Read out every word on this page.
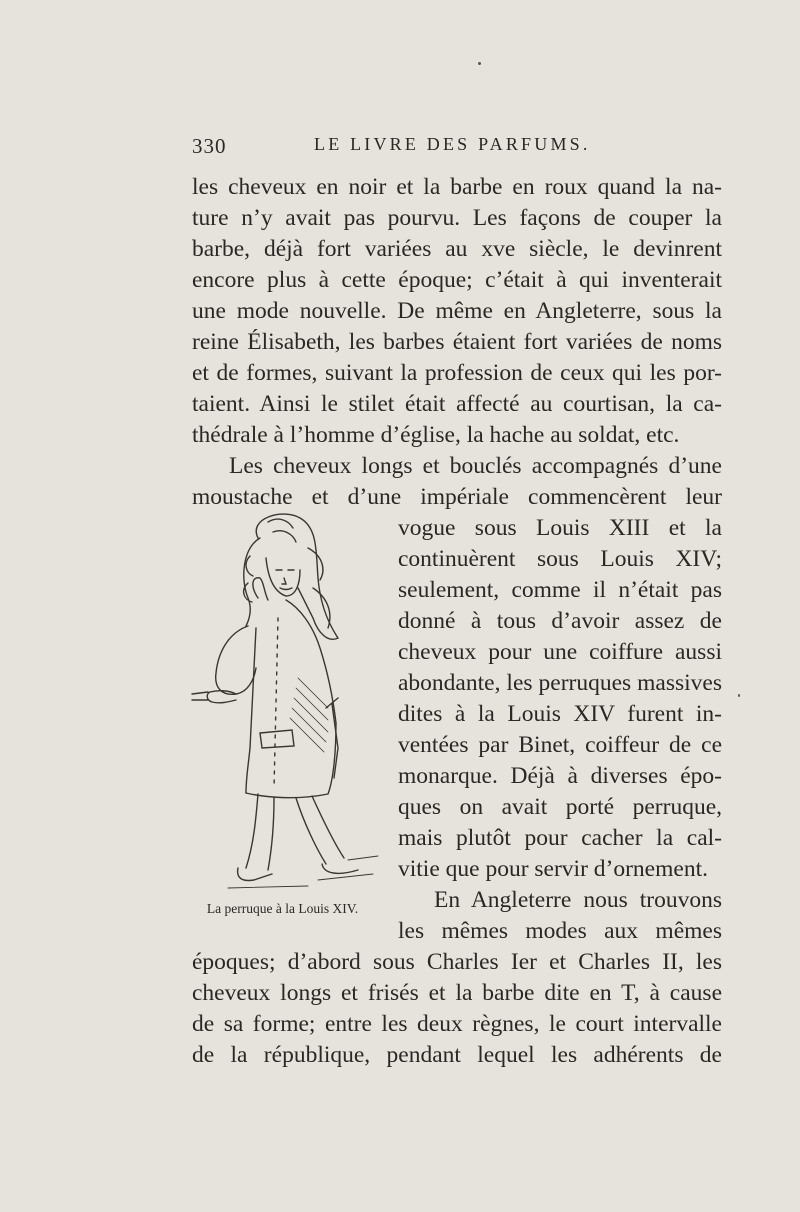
330	LE LIVRE DES PARFUMS.
les cheveux en noir et la barbe en roux quand la na-
ture n’y avait pas pourvu. Les façons de couper la
barbe, déjà fort variées au xve siècle, le devinrent
encore plus à cette époque; c’était à qui inventerait
une mode nouvelle. De même en Angleterre, sous la
reine Élisabeth, les barbes étaient fort variées de noms
et de formes, suivant la profession de ceux qui les por-
taient. Ainsi le stilet était affecté au courtisan, la ca-
thédrale à l’homme d’église, la hache au soldat, etc.
Les cheveux longs et bouclés accompagnés d’une
moustache et d’une impériale commencèrent leur
vogue sous Louis XIII et la
continuèrent sous Louis XIV;
seulement, comme il n’était pas
donné à tous d’avoir assez de
cheveux pour une coiffure aussi
abondante, les perruques massives
dites à la Louis XIV furent in-
ventées par Binet, coiffeur de ce
monarque. Déjà à diverses épo-
ques on avait porté perruque,
mais plutôt pour cacher la cal-
vitie que pour servir d’ornement.
En Angleterre nous trouvons
les mêmes modes aux mêmes
époques; d’abord sous Charles Ier et Charles II, les
cheveux longs et frisés et la barbe dite en T, à cause
de sa forme; entre les deux règnes, le court intervalle
de la république, pendant lequel les adhérents de
La perruque à la Louis XIV.
